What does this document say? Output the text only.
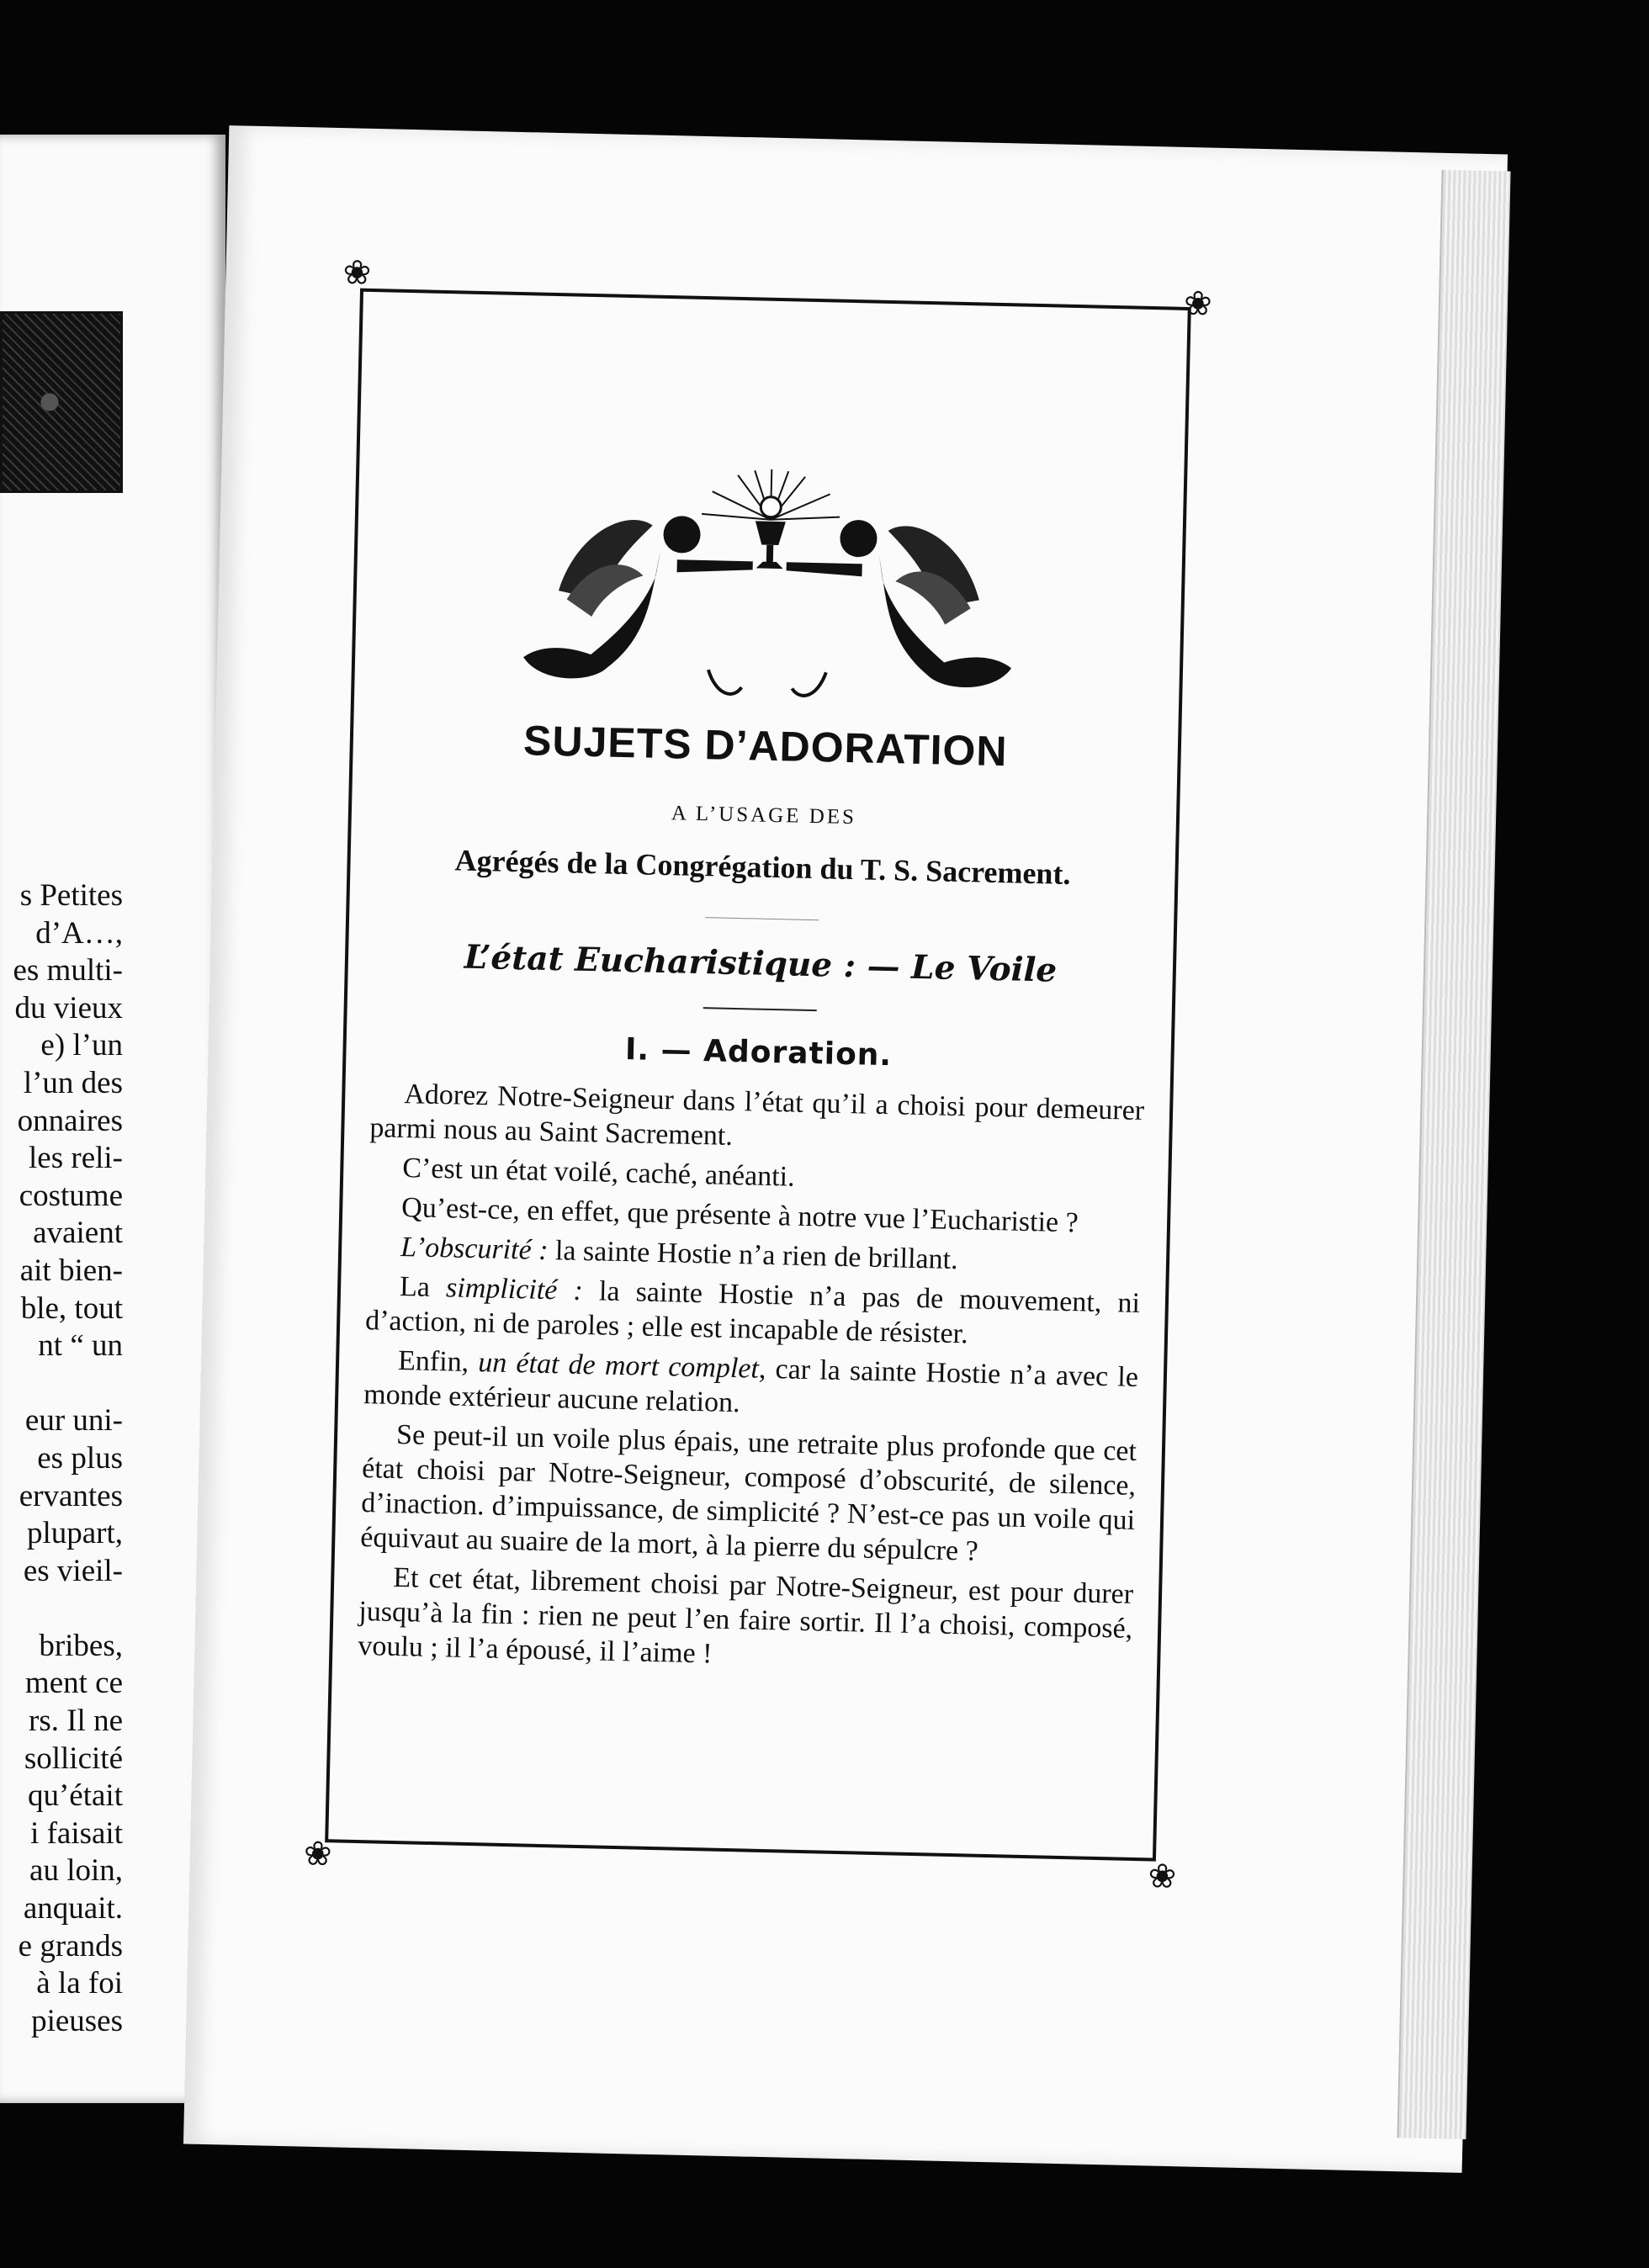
s Petites
d’A…,
es multi-
du vieux
e) l’un
l’un des
onnaires
les reli-
costume
avaient
ait bien-
ble, tout
nt “ un
eur uni-
es plus
ervantes
plupart,
es vieil-
bribes,
ment ce
rs. Il ne
sollicité
qu’était
i faisait
au loin,
anquait.
e grands
à la foi
pieuses
❀
❀
❀
❀
SUJETS D’ADORATION
A L’USAGE DES
Agrégés de la Congrégation du T. S. Sacrement.
L’état Eucharistique : — Le Voile
I. — Adoration.

Adorez Notre-Seigneur dans l’état qu’il a choisi pour demeurer parmi nous au Saint Sacrement.

C’est un état voilé, caché, anéanti.

Qu’est-ce, en effet, que présente à notre vue l’Eucharistie ?

L’obscurité : la sainte Hostie n’a rien de brillant.

La simplicité : la sainte Hostie n’a pas de mouvement, ni d’action, ni de paroles ; elle est incapable de résister.

Enfin, un état de mort complet, car la sainte Hostie n’a avec le monde extérieur aucune relation.

Se peut-il un voile plus épais, une retraite plus profonde que cet état choisi par Notre-Seigneur, composé d’obscurité, de silence, d’inaction. d’impuissance, de simplicité ? N’est-ce pas un voile qui équivaut au suaire de la mort, à la pierre du sépulcre ?

Et cet état, librement choisi par Notre-Seigneur, est pour durer jusqu’à la fin : rien ne peut l’en faire sortir. Il l’a choisi, composé, voulu ; il l’a épousé, il l’aime !
